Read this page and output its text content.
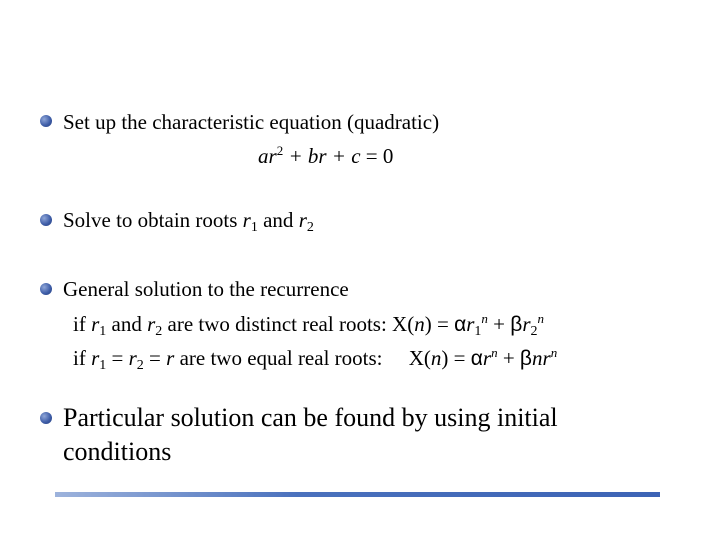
Set up the characteristic equation (quadratic)
$ar^2$ + br + c = 0
Solve to obtain roots $r_1$ and $r_2$
General solution to the recurrence
if $r_1$ and $r_2$ are two distinct real roots: $X(n) = \alpha r_1^n + \beta r_2^n$
if $r_1 = r_2 = r$ are two equal real roots:     $X(n) = \alpha r^n + \beta nr^n$
Particular solution can be found by using initial
conditions
